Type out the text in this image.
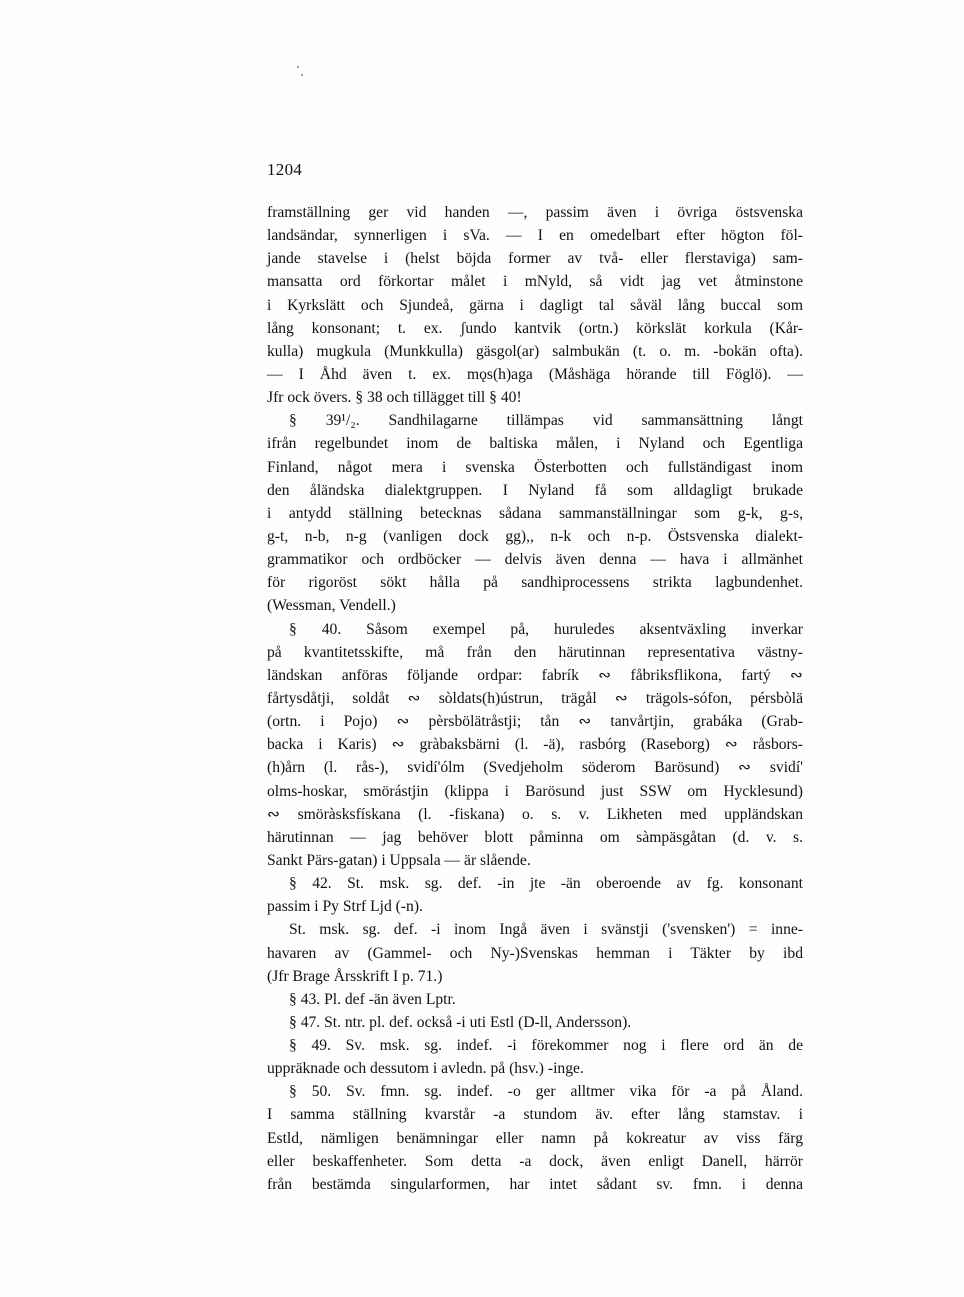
1204
framställning ger vid handen —, passim även i övriga östsvenska
landsändar, synnerligen i sVa. — I en omedelbart efter högton föl-
jande stavelse i (helst böjda former av två- eller flerstaviga) sam-
mansatta ord förkortar målet i mNyld, så vidt jag vet åtminstone
i Kyrkslätt och Sjundeå, gärna i dagligt tal såväl lång buccal som
lång konsonant; t. ex. ʃundo kantvik (ortn.) körkslät korkula (Kår-
kulla) mugkula (Munkkulla) gäsgol(ar) salmbukän (t. o. m. -bokän ofta).
— I Åhd även t. ex. mǫs(h)aga (Måshäga hörande till Föglö). —
Jfr ock övers. § 38 och tillägget till § 40!
§ 39¹/₂. Sandhilagarne tillämpas vid sammansättning långt
ifrån regelbundet inom de baltiska målen, i Nyland och Egentliga
Finland, något mera i svenska Österbotten och fullständigast inom
den åländska dialektgruppen. I Nyland få som alldagligt brukade
i antydd ställning betecknas sådana sammanställningar som g-k, g-s,
g-t, n-b, n-g (vanligen dock gg),, n-k och n-p. Östsvenska dialekt-
grammatikor och ordböcker — delvis även denna — hava i allmänhet
för rigoröst sökt hålla på sandhiprocessens strikta lagbundenhet.
(Wessman, Vendell.)
§ 40. Såsom exempel på, huruledes aksentväxling inverkar
på kvantitetsskifte, må från den härutinnan representativa västny-
ländskan anföras följande ordpar: fabrík ∾ fåbriksflikona, fartý ∾
fårtysdåtji, soldåt ∾ sòldats(h)ústrun, trägål ∾ trägols-sófon, pérsbòlä
(ortn. i Pojo) ∾ pèrsbölätråstji; tån ∾ tanvårtjin, grabáka (Grab-
backa i Karis) ∾ gràbaksbärni (l. -ä), rasbórg (Raseborg) ∾ råsbors-
(h)årn (l. rås-), svidí'ólm (Svedjeholm söderom Barösund) ∾ svidí'
olms-hoskar, smörástjin (klippa i Barösund just SSW om Hycklesund)
∾ smöràsksfískana (l. -fiskana) o. s. v. Likheten med uppländskan
härutinnan — jag behöver blott påminna om sàmpäsgåtan (d. v. s.
Sankt Pärs-gatan) i Uppsala — är slående.
§ 42. St. msk. sg. def. -in jte -än oberoende av fg. konsonant
passim i Py Strf Ljd (-n).
St. msk. sg. def. -i inom Ingå även i svänstji ('svensken') = inne-
havaren av (Gammel- och Ny-)Svenskas hemman i Täkter by ibd
(Jfr Brage Årsskrift I p. 71.)
§ 43. Pl. def -än även Lptr.
§ 47. St. ntr. pl. def. också -i uti Estl (D-ll, Andersson).
§ 49. Sv. msk. sg. indef. -i förekommer nog i flere ord än de
uppräknade och dessutom i avledn. på (hsv.) -inge.
§ 50. Sv. fmn. sg. indef. -o ger alltmer vika för -a på Åland.
I samma ställning kvarstår -a stundom äv. efter lång stamstav. i
Estld, nämligen benämningar eller namn på kokreatur av viss färg
eller beskaffenheter. Som detta -a dock, även enligt Danell, härrör
från bestämda singularformen, har intet sådant sv. fmn. i denna
